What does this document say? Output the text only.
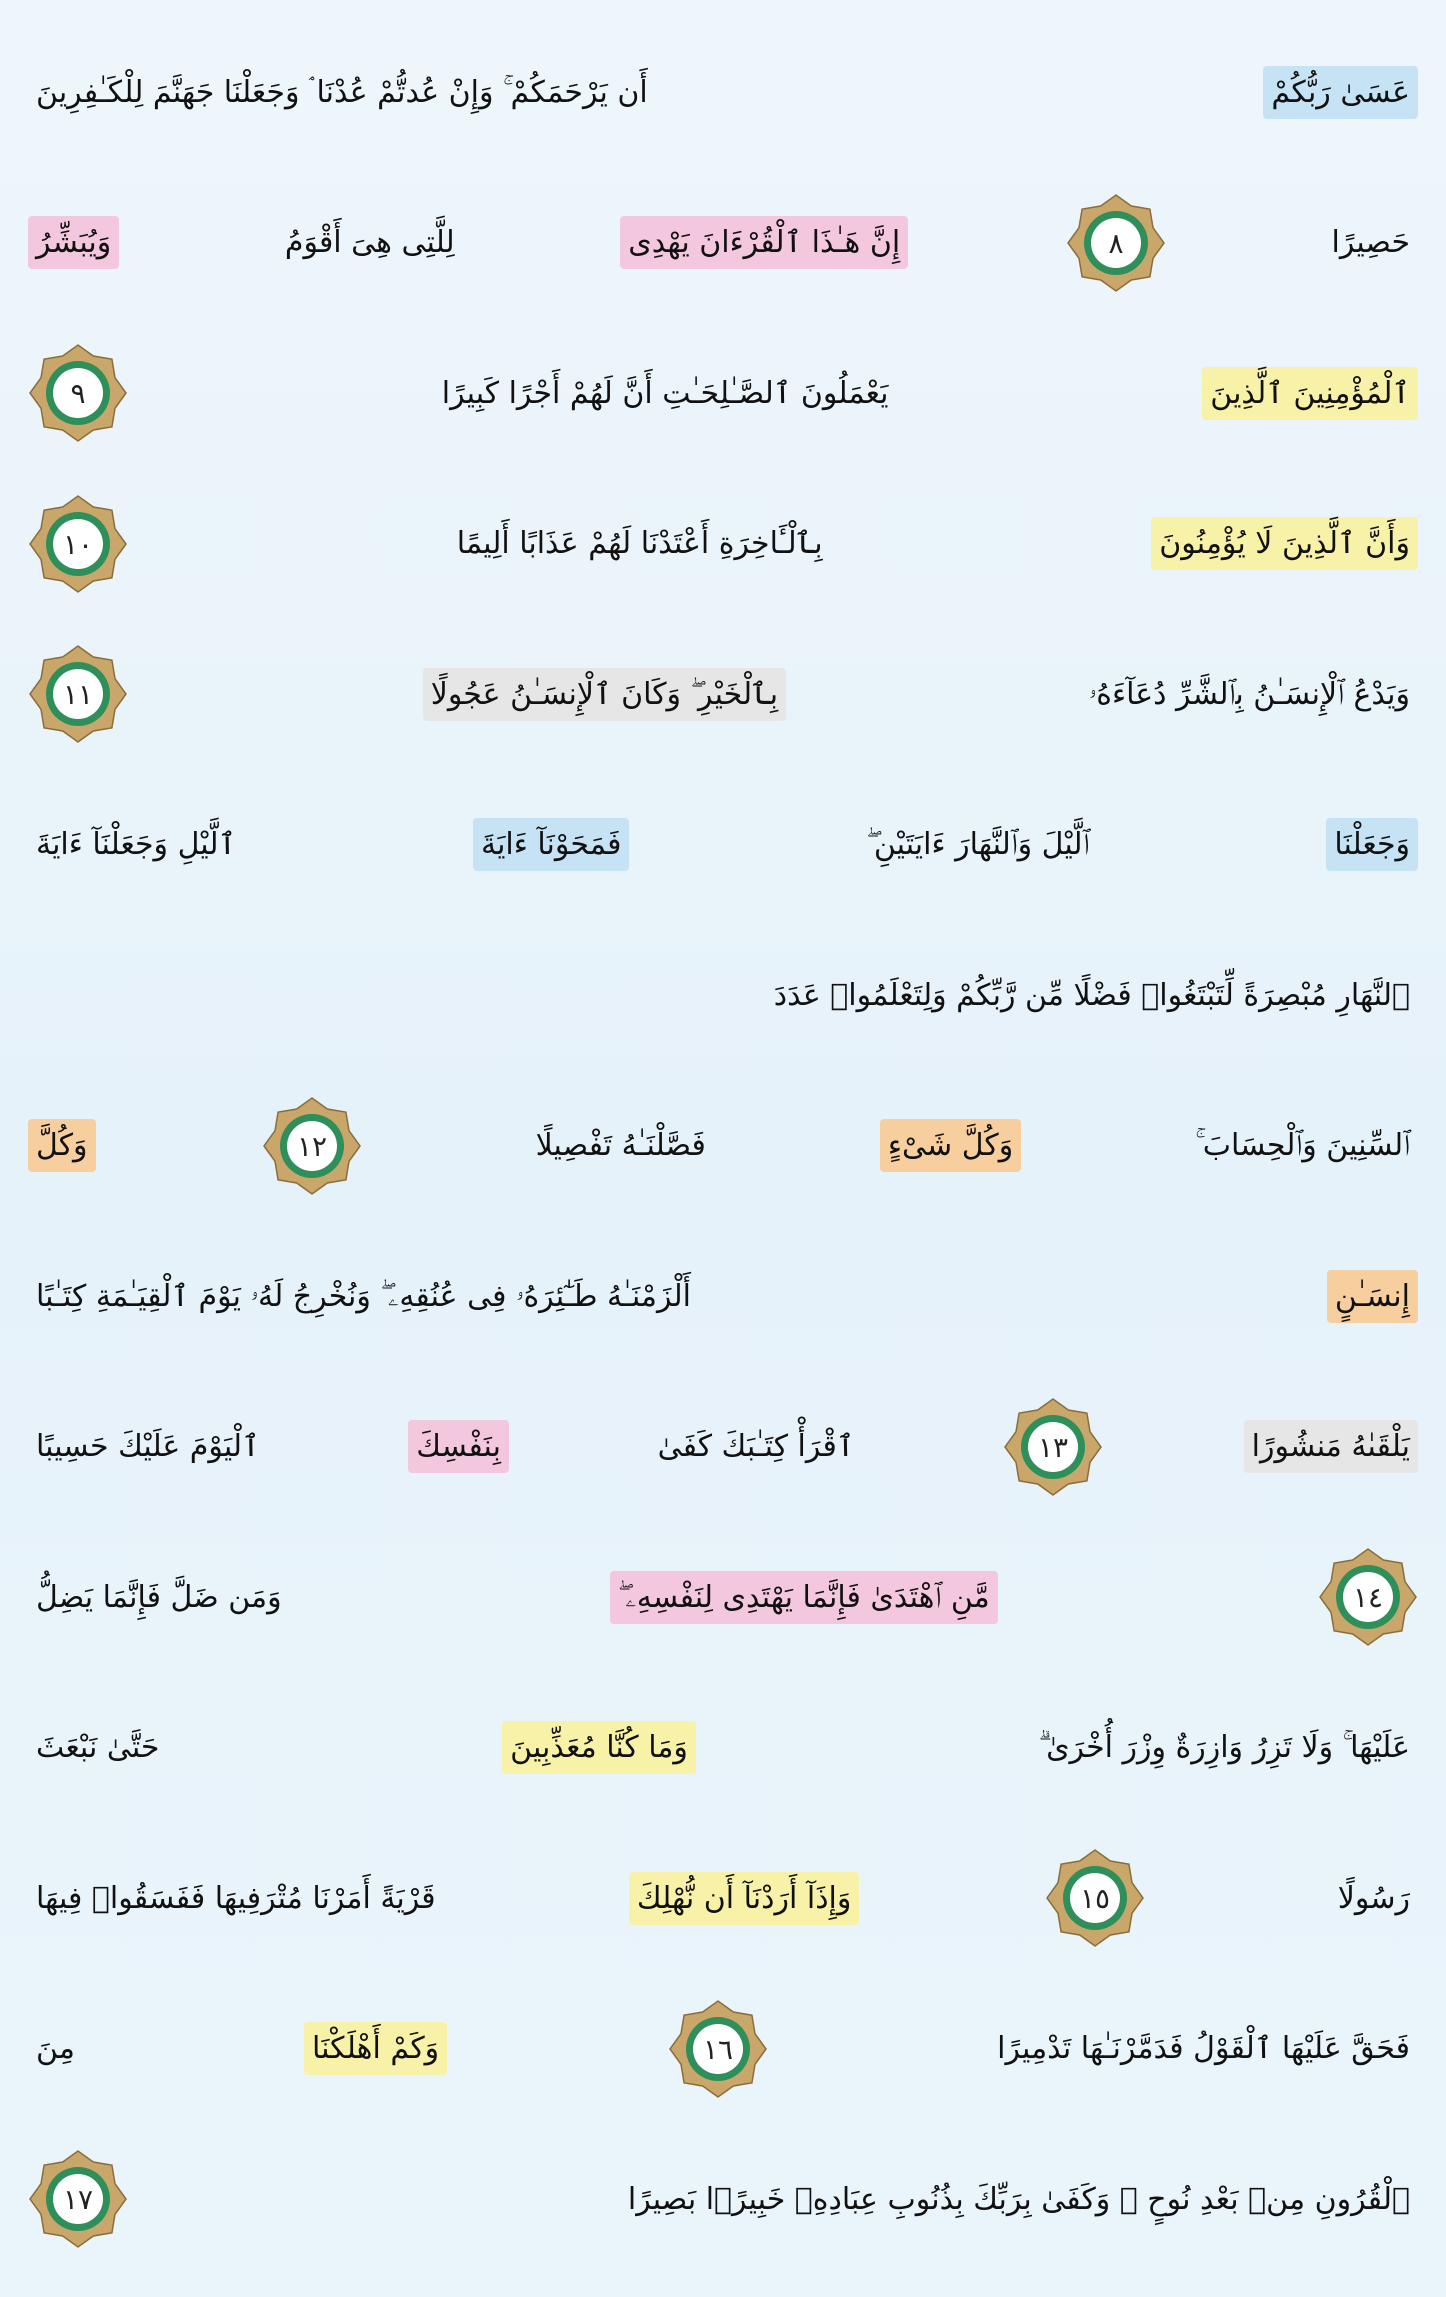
عَسَىٰ رَبُّكُمْ
أَن يَرْحَمَكُمْ ۚ وَإِنْ عُدتُّمْ عُدْنَا ۘ وَجَعَلْنَا جَهَنَّمَ لِلْكَـٰفِرِينَ
حَصِيرًا
٨
إِنَّ هَـٰذَا ٱلْقُرْءَانَ يَهْدِى
لِلَّتِى هِىَ أَقْوَمُ
وَيُبَشِّرُ
ٱلْمُؤْمِنِينَ ٱلَّذِينَ
يَعْمَلُونَ ٱلصَّـٰلِحَـٰتِ أَنَّ لَهُمْ أَجْرًا كَبِيرًا
٩
وَأَنَّ ٱلَّذِينَ لَا يُؤْمِنُونَ
بِٱلْـَٔاخِرَةِ أَعْتَدْنَا لَهُمْ عَذَابًا أَلِيمًا
١٠
وَيَدْعُ ٱلْإِنسَـٰنُ بِٱلشَّرِّ دُعَآءَهُۥ
بِٱلْخَيْرِ ۖ وَكَانَ ٱلْإِنسَـٰنُ عَجُولًا
١١
وَجَعَلْنَا
ٱلَّيْلَ وَٱلنَّهَارَ ءَايَتَيْنِ ۖ
فَمَحَوْنَآ ءَايَةَ
ٱلَّيْلِ وَجَعَلْنَآ ءَايَةَ
ٱلنَّهَارِ مُبْصِرَةً لِّتَبْتَغُوا۟ فَضْلًا مِّن رَّبِّكُمْ وَلِتَعْلَمُوا۟ عَدَدَ
ٱلسِّنِينَ وَٱلْحِسَابَ ۚ
وَكُلَّ شَىْءٍ
فَصَّلْنَـٰهُ تَفْصِيلًا
١٢
وَكُلَّ
إِنسَـٰنٍ
أَلْزَمْنَـٰهُ طَـٰٓئِرَهُۥ فِى عُنُقِهِۦ ۖ وَنُخْرِجُ لَهُۥ يَوْمَ ٱلْقِيَـٰمَةِ كِتَـٰبًا
يَلْقَىٰهُ مَنشُورًا
١٣
ٱقْرَأْ كِتَـٰبَكَ كَفَىٰ
بِنَفْسِكَ
ٱلْيَوْمَ عَلَيْكَ حَسِيبًا
١٤
مَّنِ ٱهْتَدَىٰ فَإِنَّمَا يَهْتَدِى لِنَفْسِهِۦ ۖ
وَمَن ضَلَّ فَإِنَّمَا يَضِلُّ
عَلَيْهَا ۚ وَلَا تَزِرُ وَازِرَةٌ وِزْرَ أُخْرَىٰ ۗ
وَمَا كُنَّا مُعَذِّبِينَ
حَتَّىٰ نَبْعَثَ
رَسُولًا
١٥
وَإِذَآ أَرَدْنَآ أَن نُّهْلِكَ
قَرْيَةً أَمَرْنَا مُتْرَفِيهَا فَفَسَقُوا۟ فِيهَا
فَحَقَّ عَلَيْهَا ٱلْقَوْلُ فَدَمَّرْنَـٰهَا تَدْمِيرًا
١٦
وَكَمْ أَهْلَكْنَا
مِنَ
ٱلْقُرُونِ مِنۢ بَعْدِ نُوحٍ ۗ وَكَفَىٰ بِرَبِّكَ بِذُنُوبِ عِبَادِهِۦ خَبِيرًۢا بَصِيرًا
١٧
